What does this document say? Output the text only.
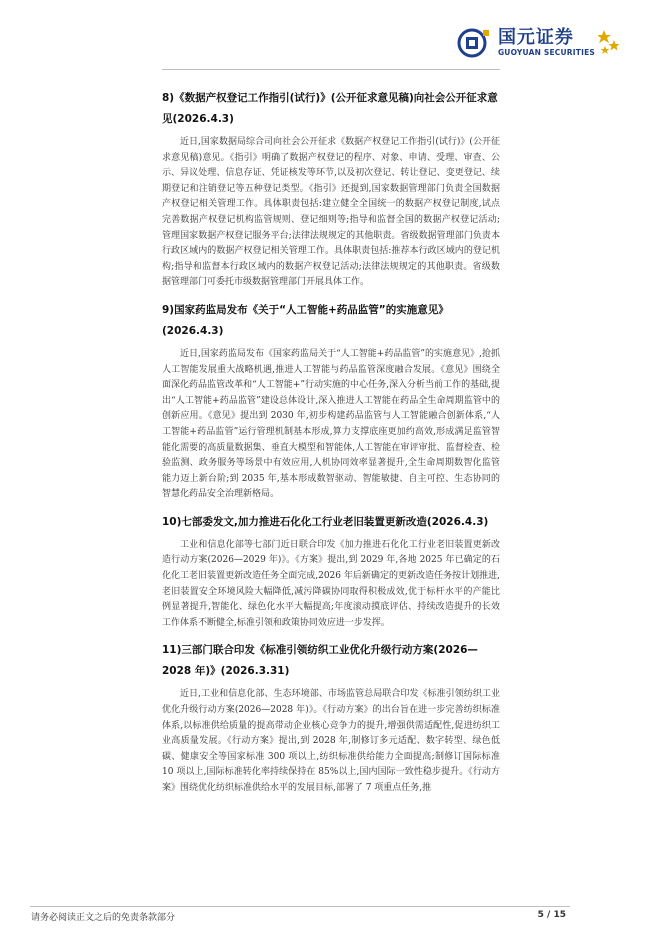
国元证券
GUOYUAN SECURITIES
8)《数据产权登记工作指引(试行)》(公开征求意见稿)向社会公开征求意见(2026.4.3)

近日,国家数据局综合司向社会公开征求《数据产权登记工作指引(试行)》(公开征求意见稿)意见。《指引》明确了数据产权登记的程序、对象、申请、受理、审查、公示、异议处理、信息存证、凭证核发等环节,以及初次登记、转让登记、变更登记、续期登记和注销登记等五种登记类型。《指引》还提到,国家数据管理部门负责全国数据产权登记相关管理工作。具体职责包括:建立健全全国统一的数据产权登记制度,试点完善数据产权登记机构监管规则、登记细则等;指导和监督全国的数据产权登记活动;管理国家数据产权登记服务平台;法律法规规定的其他职责。省级数据管理部门负责本行政区域内的数据产权登记相关管理工作。具体职责包括:推荐本行政区域内的登记机构;指导和监督本行政区域内的数据产权登记活动;法律法规规定的其他职责。省级数据管理部门可委托市级数据管理部门开展具体工作。

9)国家药监局发布《关于“人工智能+药品监管”的实施意见》(2026.4.3)

近日,国家药监局发布《国家药监局关于“人工智能+药品监管”的实施意见》,抢抓人工智能发展重大战略机遇,推进人工智能与药品监管深度融合发展。《意见》围绕全面深化药品监管改革和“人工智能+”行动实施的中心任务,深入分析当前工作的基础,提出“人工智能+药品监管”建设总体设计,深入推进人工智能在药品全生命周期监管中的创新应用。《意见》提出到 2030 年,初步构建药品监管与人工智能融合创新体系,“人工智能+药品监管”运行管理机制基本形成,算力支撑底座更加约高效,形成满足监管智能化需要的高质量数据集、垂直大模型和智能体,人工智能在审评审批、监督检查、检验监测、政务服务等场景中有效应用,人机协同效率显著提升,全生命周期数智化监管能力迈上新台阶;到 2035 年,基本形成数智驱动、智能敏捷、自主可控、生态协同的智慧化药品安全治理新格局。

10)七部委发文,加力推进石化化工行业老旧装置更新改造(2026.4.3)

工业和信息化部等七部门近日联合印发《加力推进石化化工行业老旧装置更新改造行动方案(2026—2029 年)》。《方案》提出,到 2029 年,各地 2025 年已确定的石化化工老旧装置更新改造任务全面完成,2026 年后新确定的更新改造任务按计划推进,老旧装置安全环境风险大幅降低,减污降碳协同取得积极成效,优于标杆水平的产能比例显著提升,智能化、绿色化水平大幅提高;年度滚动摸底评估、持续改造提升的长效工作体系不断健全,标准引领和政策协同效应进一步发挥。

11)三部门联合印发《标准引领纺织工业优化升级行动方案(2026—2028 年)》(2026.3.31)

近日,工业和信息化部、生态环境部、市场监管总局联合印发《标准引领纺织工业优化升级行动方案(2026—2028 年)》。《行动方案》的出台旨在进一步完善纺织标准体系,以标准供给质量的提高带动企业核心竞争力的提升,增强供需适配性,促进纺织工业高质量发展。《行动方案》提出,到 2028 年,制修订多元适配、数字转型、绿色低碳、健康安全等国家标准 300 项以上,纺织标准供给能力全面提高;制修订国际标准 10 项以上,国际标准转化率持续保持在 85%以上,国内国际一致性稳步提升。《行动方案》围绕优化纺织标准供给水平的发展目标,部署了 7 项重点任务,推

请务必阅读正文之后的免责条款部分	5 / 15
